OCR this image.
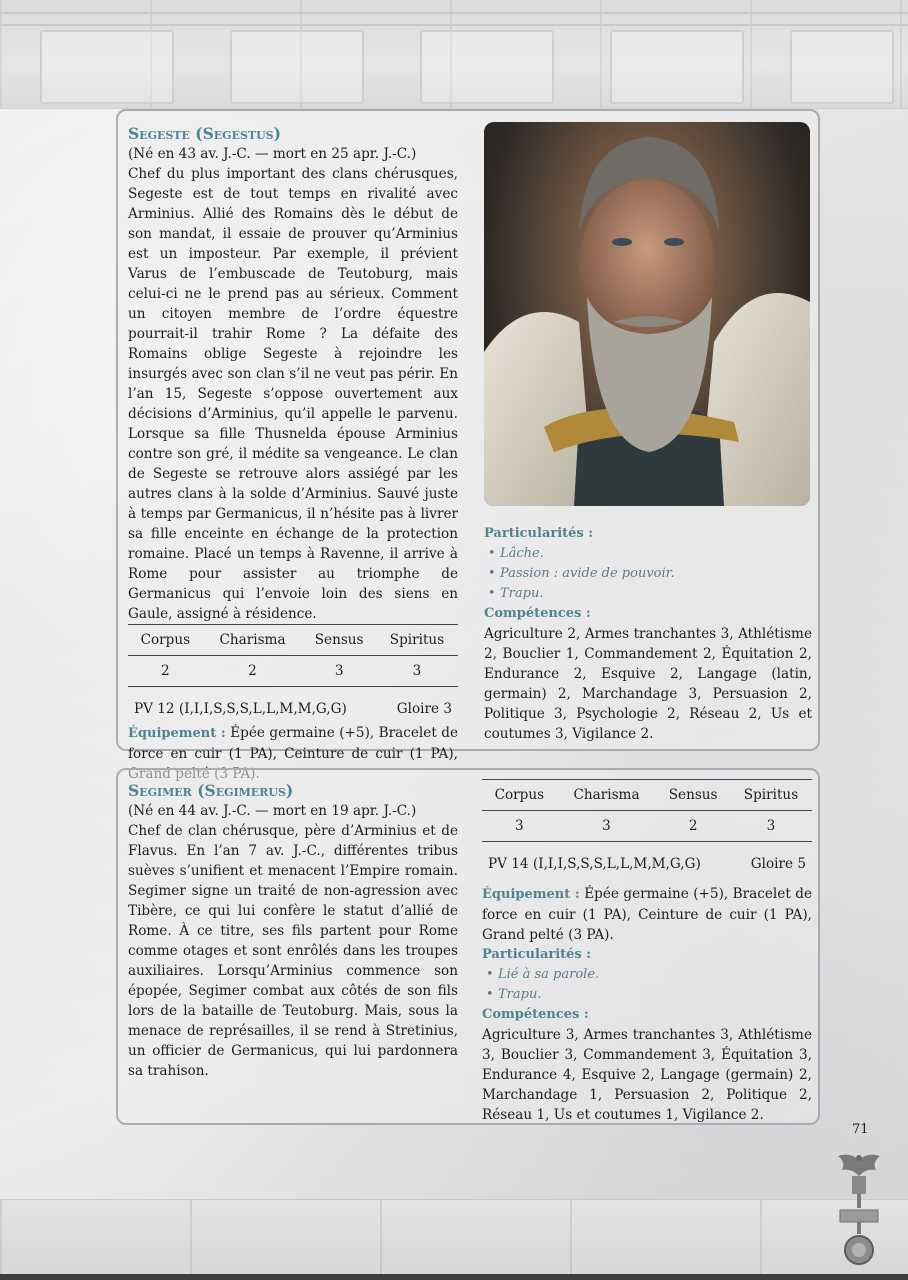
Segeste (Segestus)

(Né en 43 av. J.-C. — mort en 25 apr. J.-C.)

Chef du plus important des clans chérusques, Segeste est de tout temps en rivalité avec Arminius. Allié des Romains dès le début de son mandat, il essaie de prouver qu’Arminius est un imposteur. Par exemple, il prévient Varus de l’embuscade de Teutoburg, mais celui-ci ne le prend pas au sérieux. Comment un citoyen membre de l’ordre équestre pourrait-il trahir Rome ? La défaite des Romains oblige Segeste à rejoindre les insurgés avec son clan s’il ne veut pas périr. En l’an 15, Segeste s’oppose ouvertement aux décisions d’Arminius, qu’il appelle le parvenu. Lorsque sa fille Thusnelda épouse Arminius contre son gré, il médite sa vengeance. Le clan de Segeste se retrouve alors assiégé par les autres clans à la solde d’Arminius. Sauvé juste à temps par Germanicus, il n’hésite pas à livrer sa fille enceinte en échange de la protection romaine. Placé un temps à Ravenne, il arrive à Rome pour assister au triomphe de Germanicus qui l’envoie loin des siens en Gaule, assigné à résidence.

Corpus	Charisma	Sensus	Spiritus
2	2	3	3
PV 12 (I,I,I,S,S,S,L,L,M,M,G,G)	Gloire 3

Équipement : Épée germaine (+5), Bracelet de force en cuir (1 PA), Ceinture de cuir (1 PA),

Particularités :

• Lâche.
• Passion : avide de pouvoir.
• Trapu.

Compétences :

Agriculture 2, Armes tranchantes 3, Athlétisme 2, Bouclier 1, Commandement 2, Équitation 2, Endurance 2, Esquive 2, Langage (latin, germain) 2, Marchandage 3, Persuasion 2, Politique 3, Psychologie 2, Réseau 2, Us et coutumes 3, Vigilance 2.

Segimer (Segimerus)

(Né en 44 av. J.-C. — mort en 19 apr. J.-C.)

Chef de clan chérusque, père d’Arminius et de Flavus. En l’an 7 av. J.-C., différentes tribus suèves s’unifient et menacent l’Empire romain. Segimer signe un traité de non-agression avec Tibère, ce qui lui confère le statut d’allié de Rome. À ce titre, ses fils partent pour Rome comme otages et sont enrôlés dans les troupes auxiliaires. Lorsqu’Arminius commence son épopée, Segimer combat aux côtés de son fils lors de la bataille de Teutoburg. Mais, sous la menace de représailles, il se rend à Stretinius, un officier de Germanicus, qui lui pardonnera sa trahison.

Corpus	Charisma	Sensus	Spiritus
3	3	2	3
PV 14 (I,I,I,S,S,S,L,L,M,M,G,G)	Gloire 5

Équipement : Épée germaine (+5), Bracelet de force en cuir (1 PA), Ceinture de cuir (1 PA), Grand pelté (3 PA).

Particularités :

• Lié à sa parole.
• Trapu.

Compétences :

Agriculture 3, Armes tranchantes 3, Athlétisme 3, Bouclier 3, Commandement 3, Équitation 3, Endurance 4, Esquive 2, Langage (germain) 2, Marchandage 1, Persuasion 2, Politique 2, Réseau 1, Us et coutumes 1, Vigilance 2.

71
